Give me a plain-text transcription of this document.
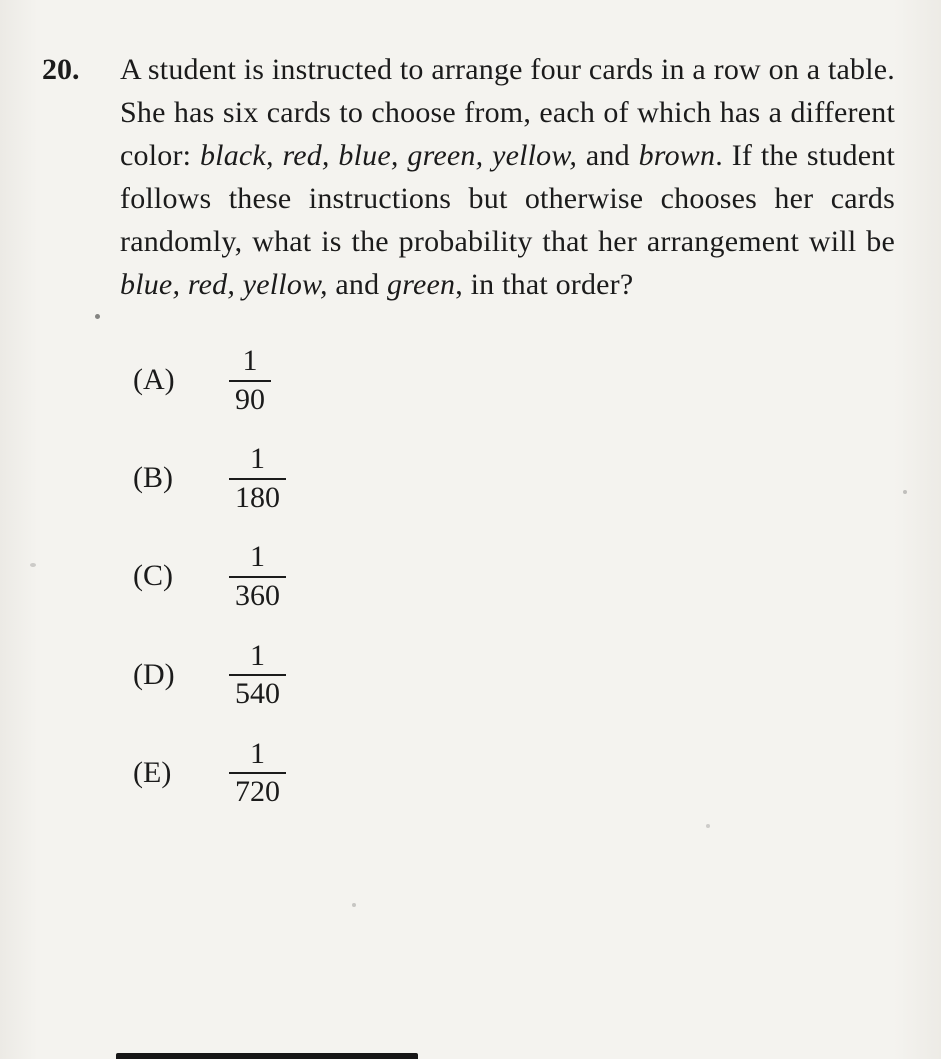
20.	A student is instructed to arrange four cards in a row on a table. She has six cards to choose from, each of which has a different color: black, red, blue, green, yellow, and brown. If the student follows these instructions but otherwise chooses her cards randomly, what is the probability that her arrangement will be blue, red, yellow, and green, in that order?
(A)	$\frac{1}{90}$
(B)	$\frac{1}{180}$
(C)	$\frac{1}{360}$
(D)	$\frac{1}{540}$
(E)	$\frac{1}{720}$
